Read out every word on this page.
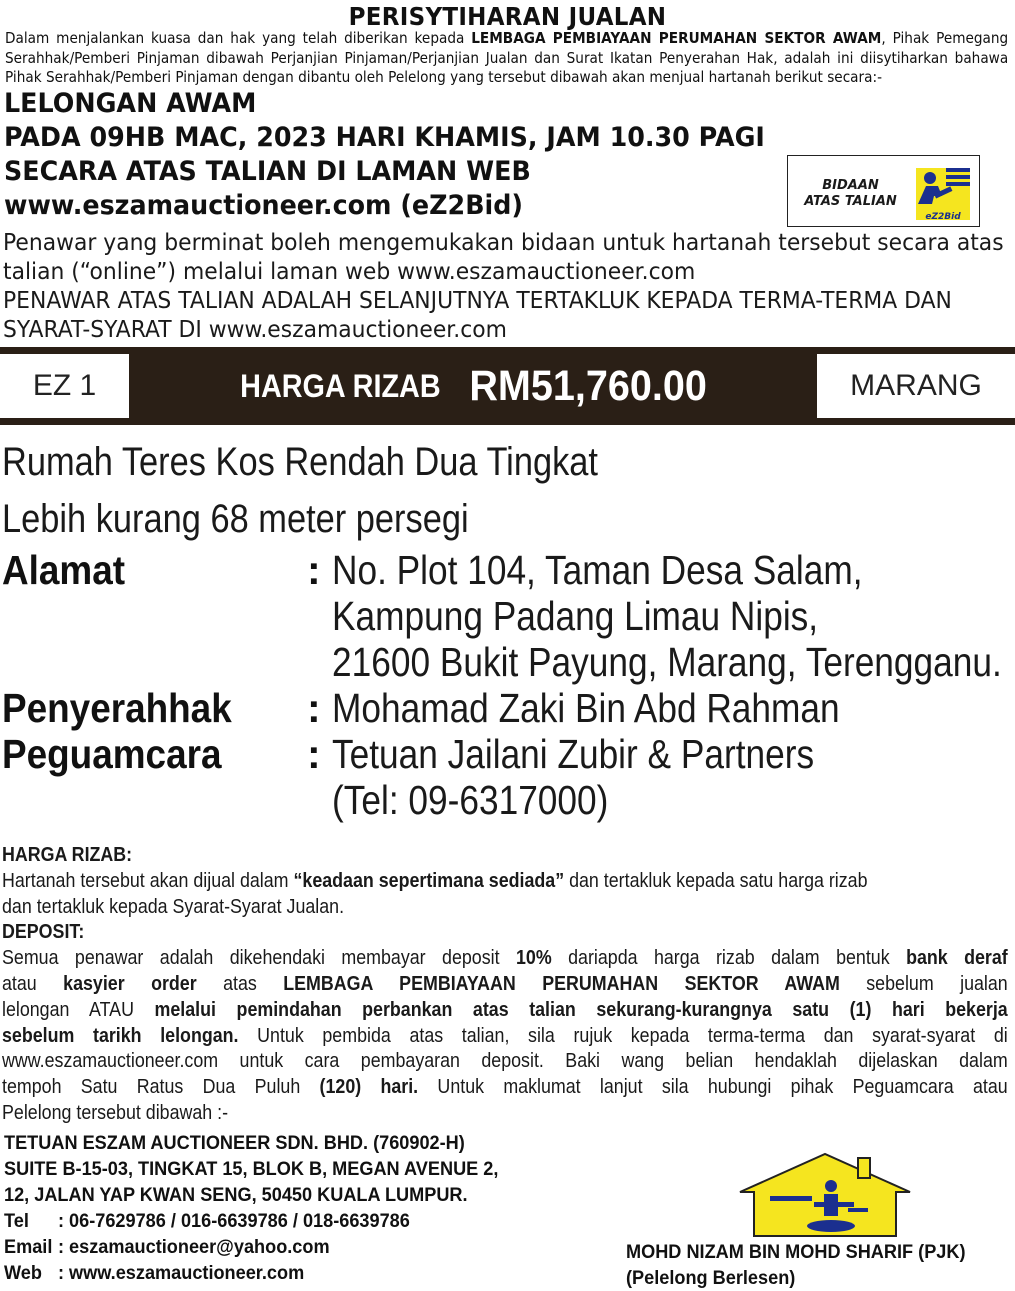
PERISYTIHARAN JUALAN
Dalam menjalankan kuasa dan hak yang telah diberikan kepada LEMBAGA PEMBIAYAAN PERUMAHAN SEKTOR AWAM, Pihak Pemegang Serahhak/Pemberi Pinjaman dibawah Perjanjian Pinjaman/Perjanjian Jualan dan Surat Ikatan Penyerahan Hak, adalah ini diisytiharkan bahawa Pihak Serahhak/Pemberi Pinjaman dengan dibantu oleh Pelelong yang tersebut dibawah akan menjual hartanah berikut secara:-
LELONGAN AWAM
PADA 09HB MAC, 2023 HARI KHAMIS, JAM 10.30 PAGI
SECARA ATAS TALIAN DI LAMAN WEB
www.eszamauctioneer.com (eZ2Bid)
BIDAAN
ATAS TALIAN
eZ2Bid
Penawar yang berminat boleh mengemukakan bidaan untuk hartanah tersebut secara atas
talian (“online”) melalui laman web www.eszamauctioneer.com
PENAWAR ATAS TALIAN ADALAH SELANJUTNYA TERTAKLUK KEPADA TERMA-TERMA DAN
SYARAT-SYARAT DI www.eszamauctioneer.com
EZ 1	HARGA RIZAB RM51,760.00	MARANG
Rumah Teres Kos Rendah Dua Tingkat
Lebih kurang 68 meter persegi
Alamat	: No. Plot 104, Taman Desa Salam,
Kampung Padang Limau Nipis,
21600 Bukit Payung, Marang, Terengganu.
Penyerahhak : Mohamad Zaki Bin Abd Rahman
Peguamcara : Tetuan Jailani Zubir & Partners
(Tel: 09-6317000)
HARGA RIZAB:
Hartanah tersebut akan dijual dalam “keadaan sepertimana sediada” dan tertakluk kepada satu harga rizab
dan tertakluk kepada Syarat-Syarat Jualan.
DEPOSIT:
Semua penawar adalah dikehendaki membayar deposit 10% dariapda harga rizab dalam bentuk bank deraf
atau kasyier order atas LEMBAGA PEMBIAYAAN PERUMAHAN SEKTOR AWAM sebelum jualan
lelongan ATAU melalui pemindahan perbankan atas talian sekurang-kurangnya satu (1) hari bekerja
sebelum tarikh lelongan. Untuk pembida atas talian, sila rujuk kepada terma-terma dan syarat-syarat di
www.eszamauctioneer.com untuk cara pembayaran deposit. Baki wang belian hendaklah dijelaskan dalam
tempoh Satu Ratus Dua Puluh (120) hari. Untuk maklumat lanjut sila hubungi pihak Peguamcara atau
Pelelong tersebut dibawah :-
TETUAN ESZAM AUCTIONEER SDN. BHD. (760902-H)
SUITE B-15-03, TINGKAT 15, BLOK B, MEGAN AVENUE 2,
12, JALAN YAP KWAN SENG, 50450 KUALA LUMPUR.
Tel	: 06-7629786 / 016-6639786 / 018-6639786
Email : eszamauctioneer@yahoo.com
Web : www.eszamauctioneer.com
MOHD NIZAM BIN MOHD SHARIF (PJK)
(Pelelong Berlesen)
